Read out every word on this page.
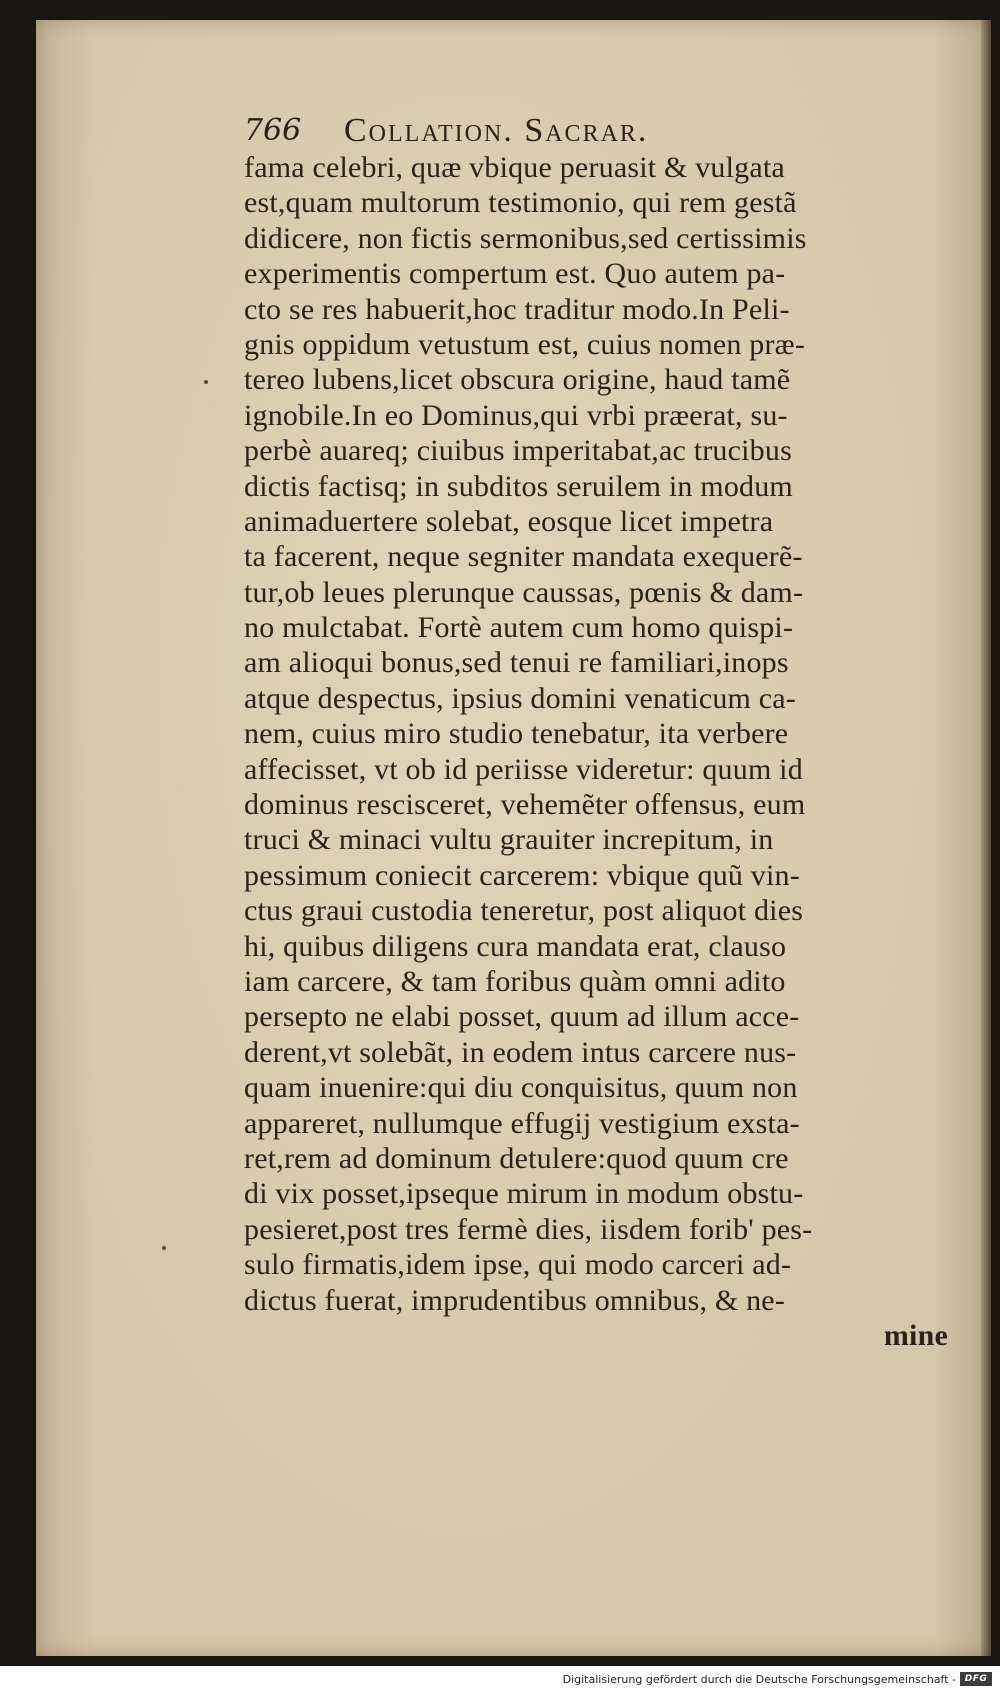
766 Collation. Sacrar.
fama celebri, quæ vbique peruasit & vulgata
est,quam multorum testimonio, qui rem gestã
didicere, non fictis sermonibus,sed certissimis
experimentis compertum est. Quo autem pa-
cto se res habuerit,hoc traditur modo.In Peli-
gnis oppidum vetustum est, cuius nomen præ-
tereo lubens,licet obscura origine, haud tamẽ
ignobile.In eo Dominus,qui vrbi præerat, su-
perbè auareq; ciuibus imperitabat,ac trucibus
dictis factisq; in subditos seruilem in modum
animaduertere solebat, eosque licet impetra
ta facerent, neque segniter mandata exequerẽ-
tur,ob leues plerunque caussas, pœnis & dam-
no mulctabat. Fortè autem cum homo quispi-
am alioqui bonus,sed tenui re familiari,inops
atque despectus, ipsius domini venaticum ca-
nem, cuius miro studio tenebatur, ita verbere
affecisset, vt ob id periisse videretur: quum id
dominus rescisceret, vehemẽter offensus, eum
truci & minaci vultu grauiter increpitum, in
pessimum coniecit carcerem: vbique quũ vin-
ctus graui custodia teneretur, post aliquot dies
hi, quibus diligens cura mandata erat, clauso
iam carcere, & tam foribus quàm omni adito
persepto ne elabi posset, quum ad illum acce-
derent,vt solebãt, in eodem intus carcere nus-
quam inuenire:qui diu conquisitus, quum non
appareret, nullumque effugij vestigium exsta-
ret,rem ad dominum detulere:quod quum cre
di vix posset,ipseque mirum in modum obstu-
pesieret,post tres fermè dies, iisdem forib' pes-
sulo firmatis,idem ipse, qui modo carceri ad-
dictus fuerat, imprudentibus omnibus, & ne-
mine
Digitalisierung gefördert durch die Deutsche Forschungsgemeinschaft - DFG
